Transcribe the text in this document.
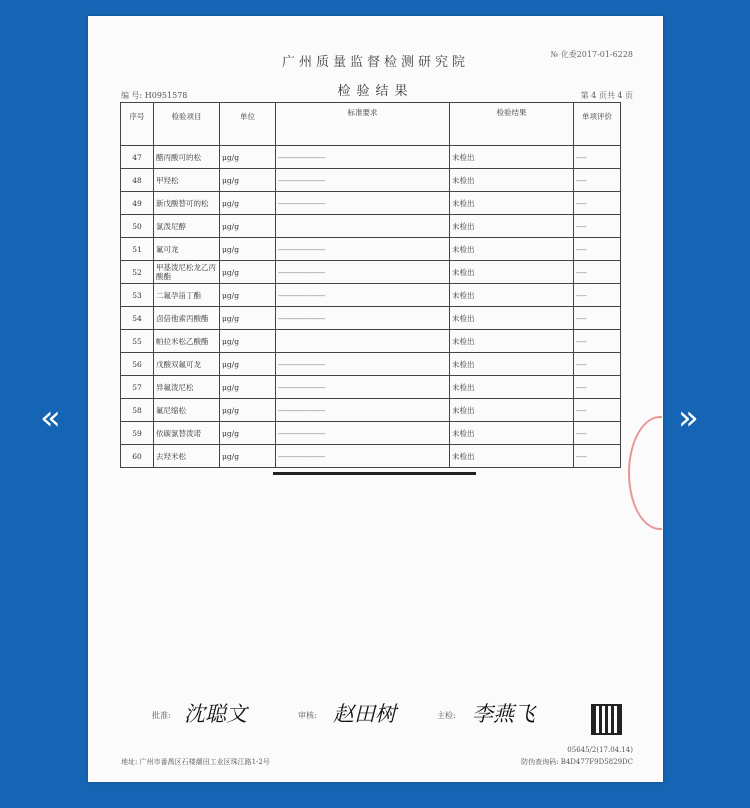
«	»
广州质量监督检测研究院
№ 化委2017-01-6228
检验结果
编 号: H0951578	第 4 页共 4 页
序号	检验项目	单位	标准要求	检验结果	单项评价
47	醋丙酸可的松	μg/g	-----------------------	未检出	-----
48	甲羟松	μg/g	-----------------------	未检出	-----
49	新戊酸替可的松	μg/g	-----------------------	未检出	-----
50	氯泼尼醇	μg/g		未检出	-----
51	氟可龙	μg/g	-----------------------	未检出	-----
52	甲基泼尼松龙乙丙酸酯	μg/g	-----------------------	未检出	-----
53	二氟孕甾丁酯	μg/g	-----------------------	未检出	-----
54	卤倍他索丙酸酯	μg/g	-----------------------	未检出	-----
55	帕拉米松乙酸酯	μg/g		未检出	-----
56	戊酸双氟可龙	μg/g	-----------------------	未检出	-----
57	异氟泼尼松	μg/g	-----------------------	未检出	-----
58	氟尼缩松	μg/g	-----------------------	未检出	-----
59	依碳氯替泼诺	μg/g	-----------------------	未检出	-----
60	去羟米松	μg/g	-----------------------	未检出	-----
批准: 沈聪文	审核: 赵田树	主检: 李燕飞
05645/2(17.04.14)
地址: 广州市番禺区石楼潮田工业区珠江路1-2号	防伪查询码: B4D477F9D5829DC
